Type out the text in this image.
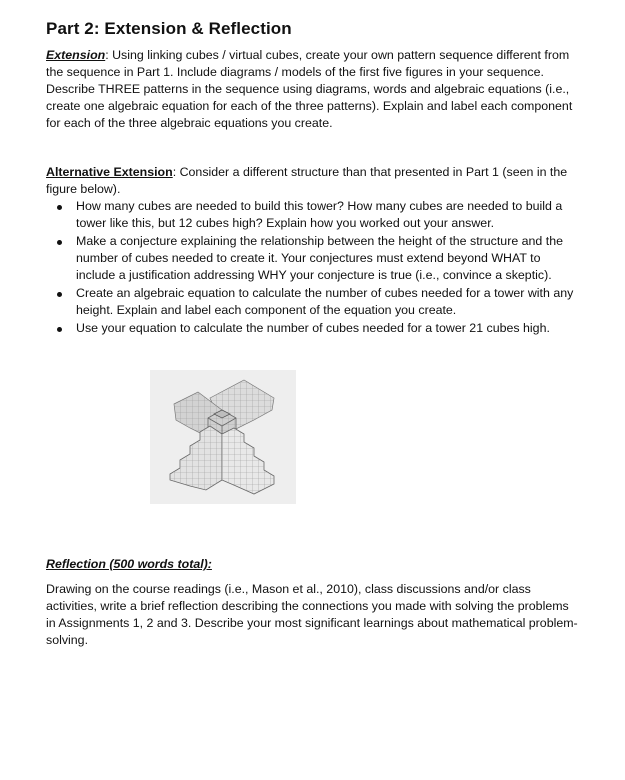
Part 2: Extension & Reflection

Extension: Using linking cubes / virtual cubes, create your own pattern sequence different from the sequence in Part 1. Include diagrams / models of the first five figures in your sequence. Describe THREE patterns in the sequence using diagrams, words and algebraic equations (i.e., create one algebraic equation for each of the three patterns). Explain and label each component for each of the three algebraic equations you create.

Alternative Extension: Consider a different structure than that presented in Part 1 (seen in the figure below).

How many cubes are needed to build this tower? How many cubes are needed to build a tower like this, but 12 cubes high? Explain how you worked out your answer.
Make a conjecture explaining the relationship between the height of the structure and the number of cubes needed to create it. Your conjectures must extend beyond WHAT to include a justification addressing WHY your conjecture is true (i.e., convince a skeptic).
Create an algebraic equation to calculate the number of cubes needed for a tower with any height. Explain and label each component of the equation you create.
Use your equation to calculate the number of cubes needed for a tower 21 cubes high.
Reflection (500 words total):

Drawing on the course readings (i.e., Mason et al., 2010), class discussions and/or class activities, write a brief reflection describing the connections you made with solving the problems in Assignments 1, 2 and 3. Describe your most significant learnings about mathematical problem-solving.
